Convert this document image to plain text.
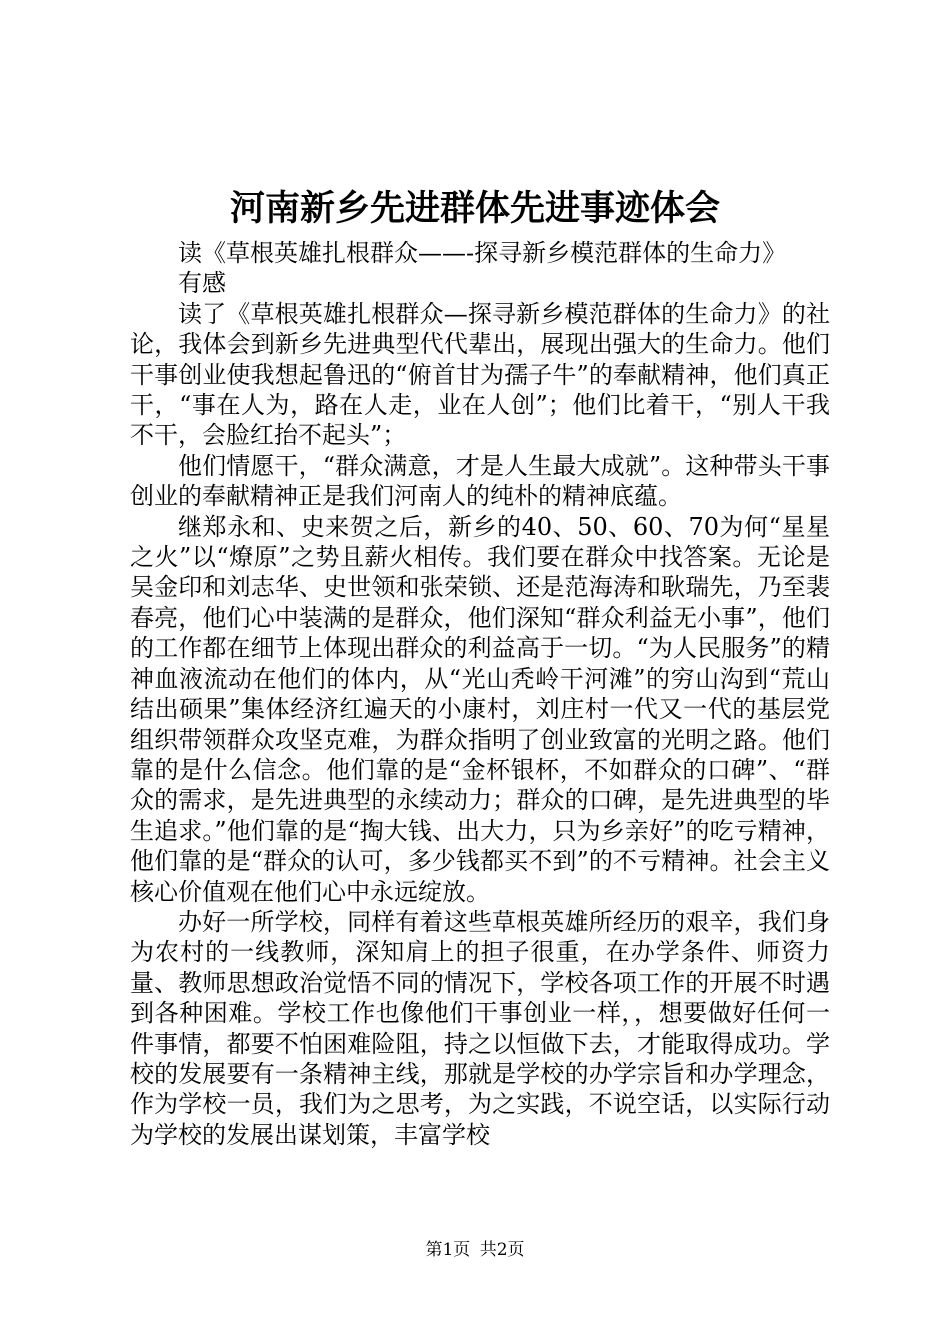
河南新乡先进群体先进事迹体会
读《草根英雄扎根群众——-探寻新乡模范群体的生命力》
有感

读了《草根英雄扎根群众—探寻新乡模范群体的生命力》的社论，我体会到新乡先进典型代代辈出，展现出强大的生命力。他们干事创业使我想起鲁迅的“俯首甘为孺子牛”的奉献精神，他们真正干，“事在人为，路在人走，业在人创”；他们比着干，“别人干我不干，会脸红抬不起头”；

他们情愿干，“群众满意，才是人生最大成就”。这种带头干事创业的奉献精神正是我们河南人的纯朴的精神底蕴。

继郑永和、史来贺之后，新乡的40、50、60、70为何“星星之火”以“燎原”之势且薪火相传。我们要在群众中找答案。无论是吴金印和刘志华、史世领和张荣锁、还是范海涛和耿瑞先，乃至裴春亮，他们心中装满的是群众，他们深知“群众利益无小事”，他们的工作都在细节上体现出群众的利益高于一切。“为人民服务”的精神血液流动在他们的体内，从“光山秃岭干河滩”的穷山沟到“荒山结出硕果”集体经济红遍天的小康村，刘庄村一代又一代的基层党组织带领群众攻坚克难，为群众指明了创业致富的光明之路。他们靠的是什么信念。他们靠的是“金杯银杯，不如群众的口碑”、“群众的需求，是先进典型的永续动力；群众的口碑，是先进典型的毕生追求。”他们靠的是“掏大钱、出大力，只为乡亲好”的吃亏精神，他们靠的是“群众的认可，多少钱都买不到”的不亏精神。社会主义核心价值观在他们心中永远绽放。

办好一所学校，同样有着这些草根英雄所经历的艰辛，我们身为农村的一线教师，深知肩上的担子很重，在办学条件、师资力量、教师思想政治觉悟不同的情况下，学校各项工作的开展不时遇到各种困难。学校工作也像他们干事创业一样，，想要做好任何一件事情，都要不怕困难险阻，持之以恒做下去，才能取得成功。学校的发展要有一条精神主线，那就是学校的办学宗旨和办学理念，作为学校一员，我们为之思考，为之实践，不说空话，以实际行动为学校的发展出谋划策，丰富学校

第1页 共2页
